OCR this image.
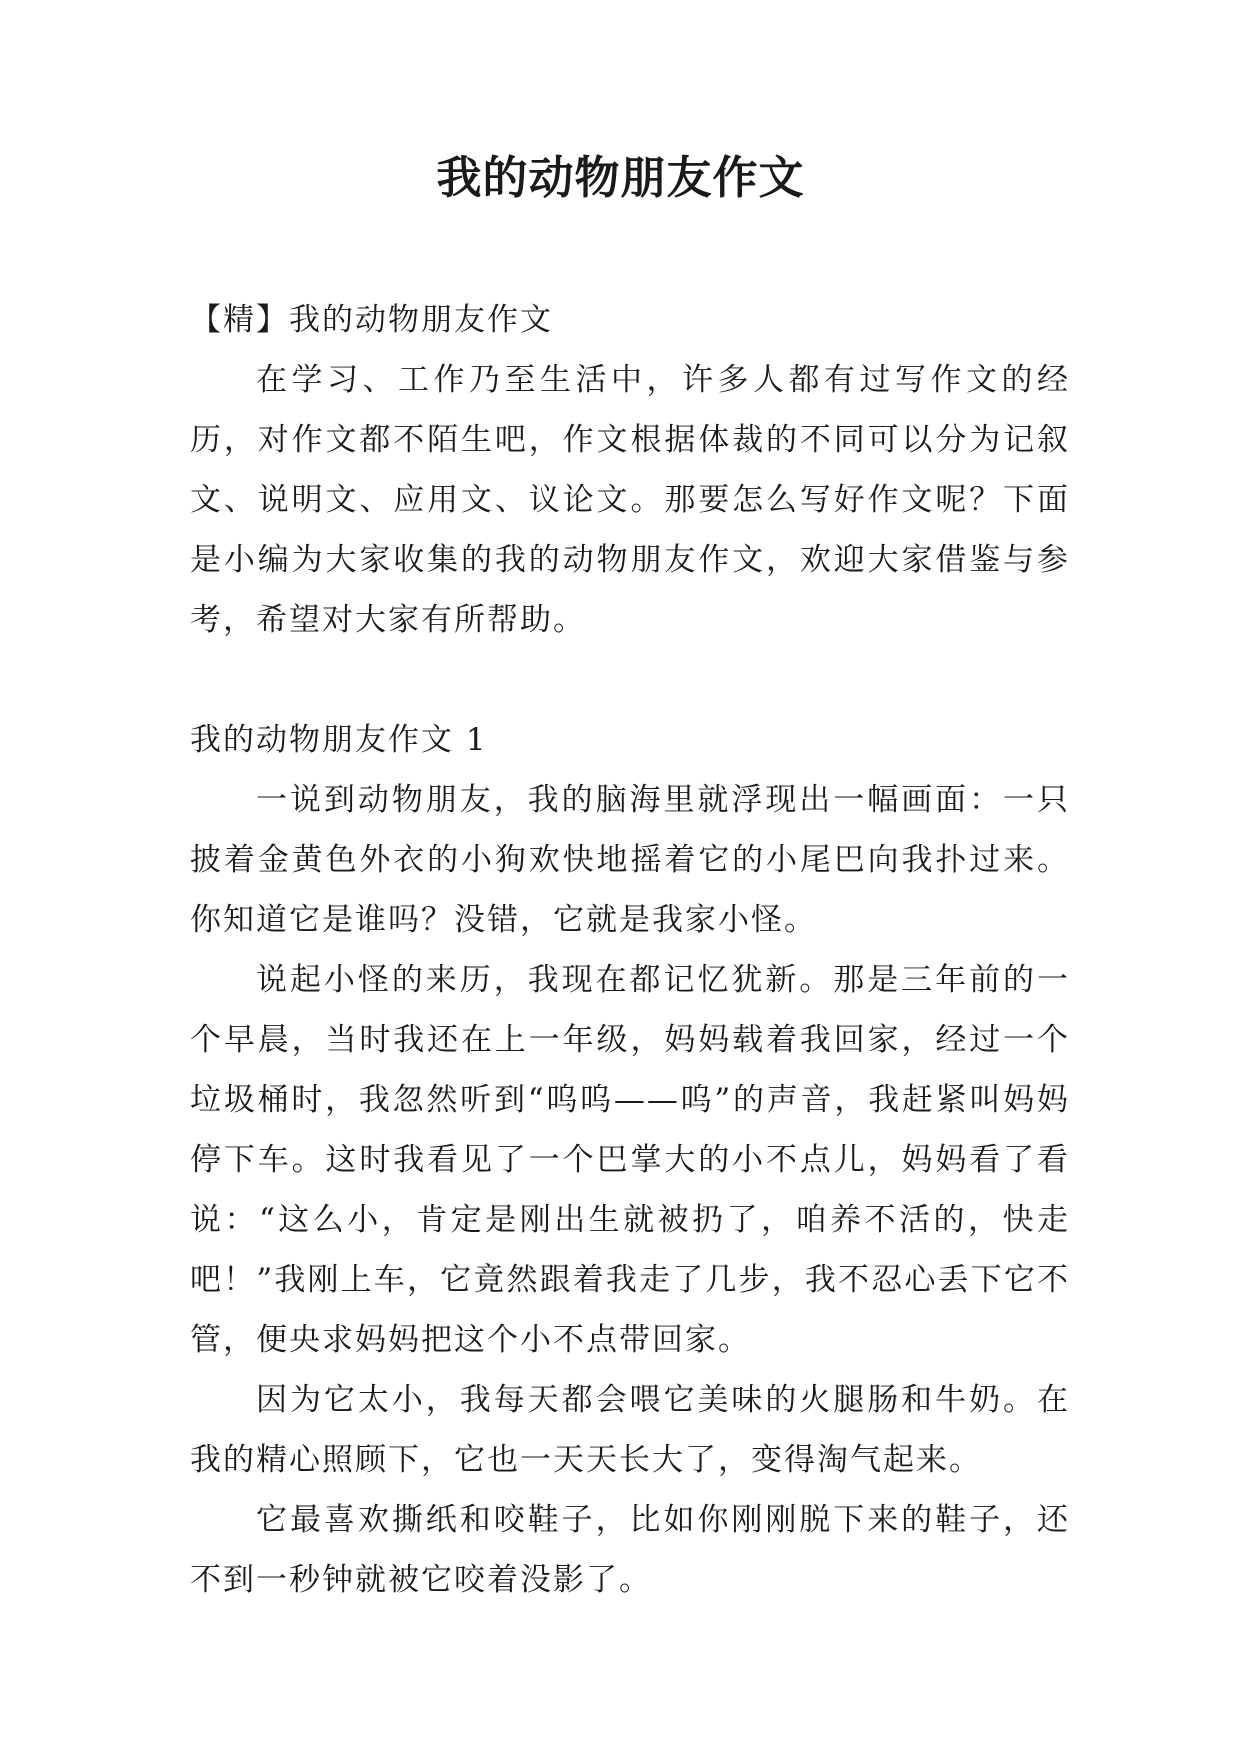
我的动物朋友作文

【精】我的动物朋友作文

在学习、工作乃至生活中，许多人都有过写作文的经历，对作文都不陌生吧，作文根据体裁的不同可以分为记叙文、说明文、应用文、议论文。那要怎么写好作文呢？下面是小编为大家收集的我的动物朋友作文，欢迎大家借鉴与参考，希望对大家有所帮助。

我的动物朋友作文 1

一说到动物朋友，我的脑海里就浮现出一幅画面：一只披着金黄色外衣的小狗欢快地摇着它的小尾巴向我扑过来。你知道它是谁吗？没错，它就是我家小怪。

说起小怪的来历，我现在都记忆犹新。那是三年前的一个早晨，当时我还在上一年级，妈妈载着我回家，经过一个垃圾桶时，我忽然听到“呜呜——呜”的声音，我赶紧叫妈妈停下车。这时我看见了一个巴掌大的小不点儿，妈妈看了看说：“这么小，肯定是刚出生就被扔了，咱养不活的，快走吧！”我刚上车，它竟然跟着我走了几步，我不忍心丢下它不管，便央求妈妈把这个小不点带回家。

因为它太小，我每天都会喂它美味的火腿肠和牛奶。在我的精心照顾下，它也一天天长大了，变得淘气起来。

它最喜欢撕纸和咬鞋子，比如你刚刚脱下来的鞋子，还不到一秒钟就被它咬着没影了。
